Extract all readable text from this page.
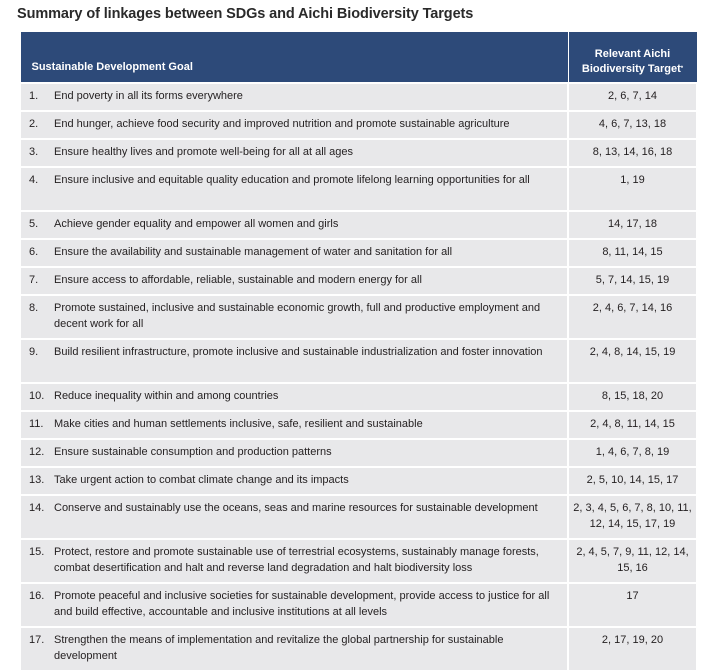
Summary of linkages between SDGs and Aichi Biodiversity Targets
Sustainable Development Goal	Relevant Aichi
Biodiversity Target*

1. End poverty in all its forms everywhere	2, 6, 7, 14

2. End hunger, achieve food security and improved nutrition and promote sustainable agriculture	4, 6, 7, 13, 18

3. Ensure healthy lives and promote well-being for all at all ages	8, 13, 14, 16, 18

4. Ensure inclusive and equitable quality education and promote lifelong learning opportunities for all	1, 19

5. Achieve gender equality and empower all women and girls	14, 17, 18

6. Ensure the availability and sustainable management of water and sanitation for all	8, 11, 14, 15

7. Ensure access to affordable, reliable, sustainable and modern energy for all	5, 7, 14, 15, 19

8. Promote sustained, inclusive and sustainable economic growth, full and productive employment and decent work for all	2, 4, 6, 7, 14, 16

9. Build resilient infrastructure, promote inclusive and sustainable industrialization and foster innovation	2, 4, 8, 14, 15, 19

10. Reduce inequality within and among countries	8, 15, 18, 20

11. Make cities and human settlements inclusive, safe, resilient and sustainable	2, 4, 8, 11, 14, 15

12. Ensure sustainable consumption and production patterns	1, 4, 6, 7, 8, 19

13. Take urgent action to combat climate change and its impacts	2, 5, 10, 14, 15, 17

14. Conserve and sustainably use the oceans, seas and marine resources for sustainable development	2, 3, 4, 5, 6, 7, 8, 10, 11, 12, 14, 15, 17, 19

15. Protect, restore and promote sustainable use of terrestrial ecosystems, sustainably manage forests, combat desertification and halt and reverse land degradation and halt biodiversity loss	2, 4, 5, 7, 9, 11, 12, 14, 15, 16

16. Promote peaceful and inclusive societies for sustainable development, provide access to justice for all and build effective, accountable and inclusive institutions at all levels	17

17. Strengthen the means of implementation and revitalize the global partnership for sustainable development	2, 17, 19, 20
